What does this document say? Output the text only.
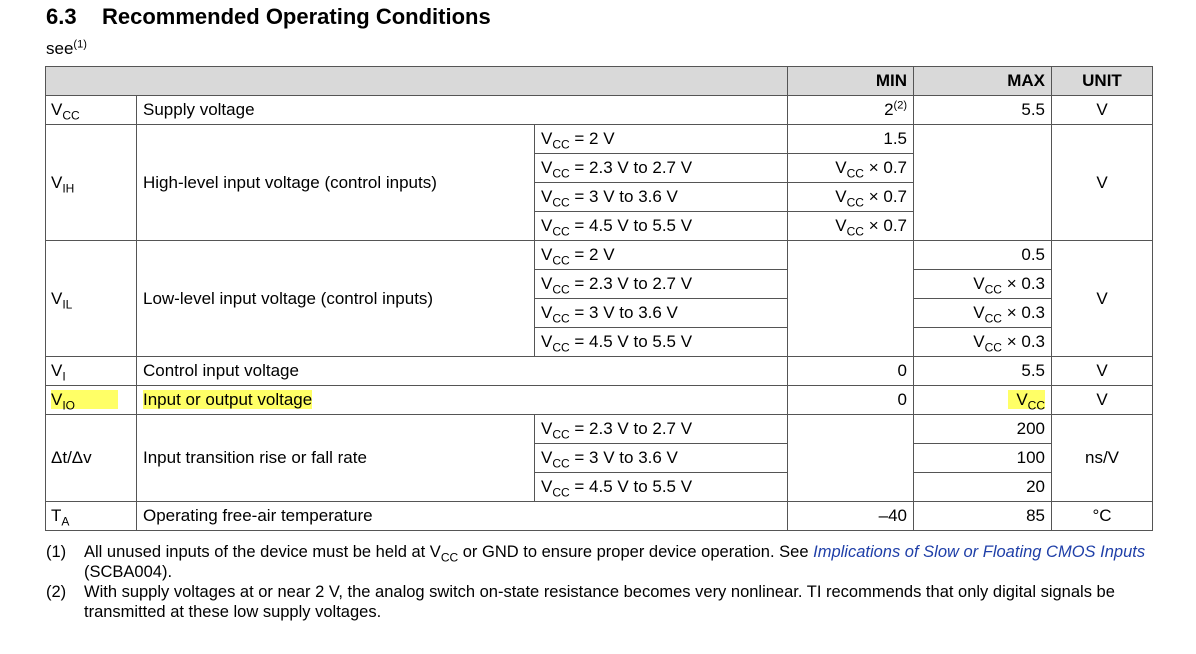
6.3 Recommended Operating Conditions
see$^{(1)}$
			MIN	MAX	UNIT
$V_{CC}$	Supply voltage		2$^{(2)}$	5.5	V
$V_{IH}$	High-level input voltage (control inputs)	$V_{CC} = 2$ V	1.5		V
		$V_{CC} = 2.3$ V to 2.7 V	$V_{CC} \times 0.7$		
		$V_{CC} = 3$ V to 3.6 V	$V_{CC} \times 0.7$		
		$V_{CC} = 4.5$ V to 5.5 V	$V_{CC} \times 0.7$		
$V_{IL}$	Low-level input voltage (control inputs)	$V_{CC} = 2$ V		0.5	V
		$V_{CC} = 2.3$ V to 2.7 V		$V_{CC} \times 0.3$	
		$V_{CC} = 3$ V to 3.6 V		$V_{CC} \times 0.3$	
		$V_{CC} = 4.5$ V to 5.5 V		$V_{CC} \times 0.3$	
$V_I$	Control input voltage		0	5.5	V
$V_{IO}$   	Input or output voltage		0	 $V_{CC}$	V
Δt/Δv	Input transition rise or fall rate	$V_{CC} = 2.3$ V to 2.7 V		200	ns/V
		$V_{CC} = 3$ V to 3.6 V		100	
		$V_{CC} = 4.5$ V to 5.5 V		20	
$T_A$	Operating free-air temperature		–40	85	°C
(1)	All unused inputs of the device must be held at $V_{CC}$ or GND to ensure proper device operation. See Implications of Slow or Floating CMOS Inputs (SCBA004).
(2)	With supply voltages at or near 2 V, the analog switch on-state resistance becomes very nonlinear. TI recommends that only digital signals be transmitted at these low supply voltages.
